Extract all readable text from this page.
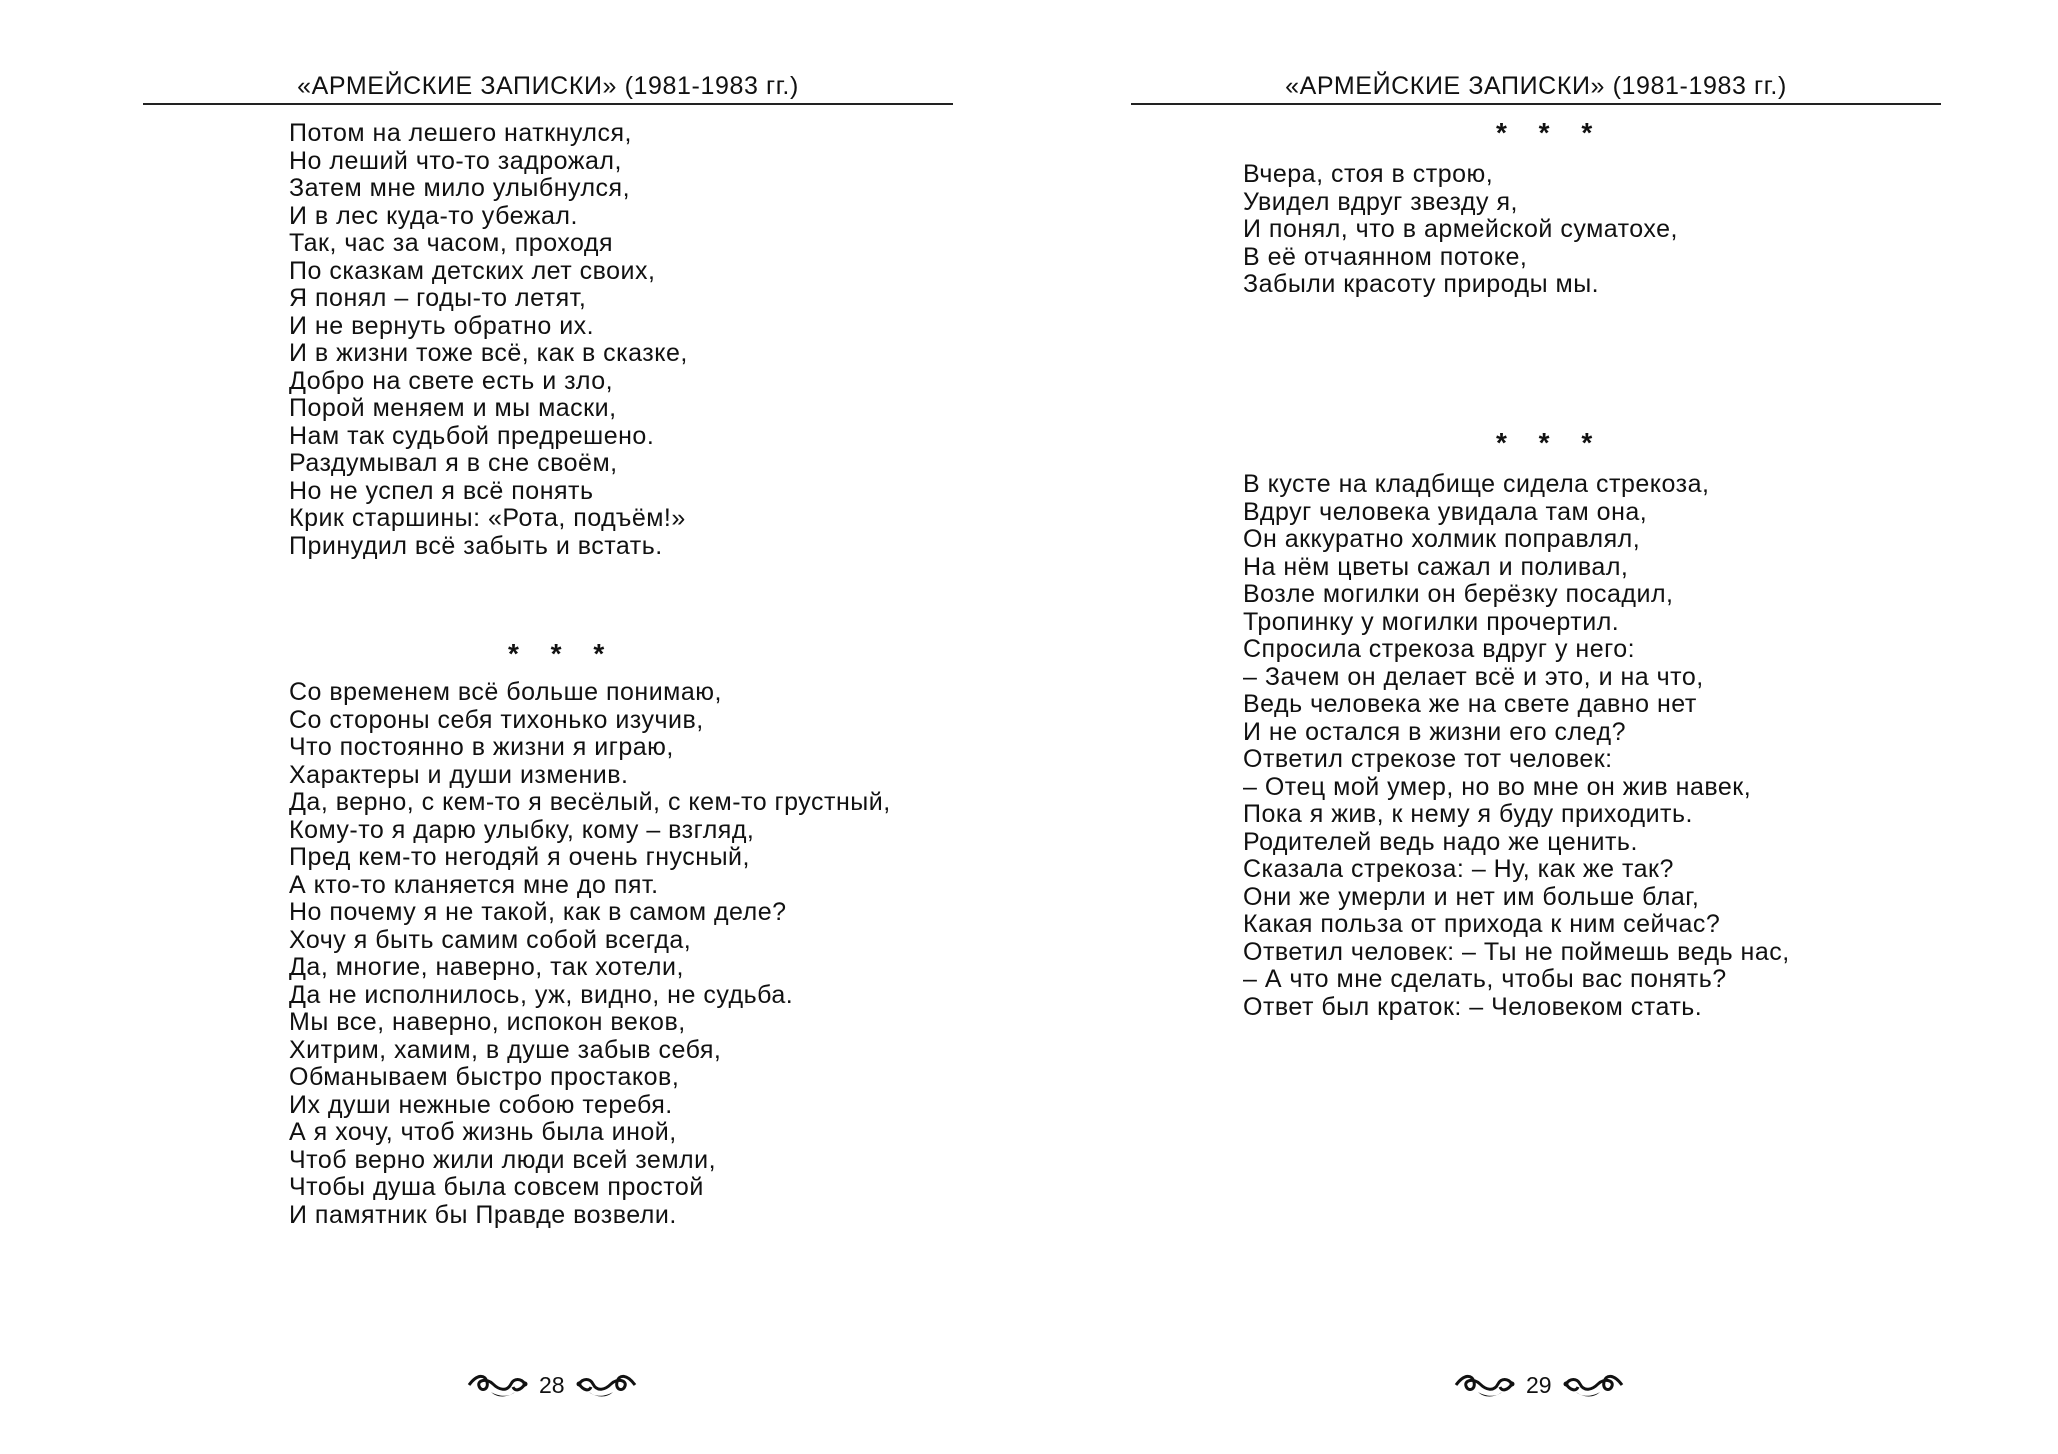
«АРМЕЙСКИЕ ЗАПИСКИ» (1981-1983 гг.)
Потом на лешего наткнулся,
Но леший что-то задрожал,
Затем мне мило улыбнулся,
И в лес куда-то убежал.
Так, час за часом, проходя
По сказкам детских лет своих,
Я понял – годы-то летят,
И не вернуть обратно их.
И в жизни тоже всё, как в сказке,
Добро на свете есть и зло,
Порой меняем и мы маски,
Нам так судьбой предрешено.
Раздумывал я в сне своём,
Но не успел я всё понять
Крик старшины: «Рота, подъём!»
Принудил всё забыть и встать.
* * *
Со временем всё больше понимаю,
Со стороны себя тихонько изучив,
Что постоянно в жизни я играю,
Характеры и души изменив.
Да, верно, с кем-то я весёлый, с кем-то грустный,
Кому-то я дарю улыбку, кому – взгляд,
Пред кем-то негодяй я очень гнусный,
А кто-то кланяется мне до пят.
Но почему я не такой, как в самом деле?
Хочу я быть самим собой всегда,
Да, многие, наверно, так хотели,
Да не исполнилось, уж, видно, не судьба.
Мы все, наверно, испокон веков,
Хитрим, хамим, в душе забыв себя,
Обманываем быстро простаков,
Их души нежные собою теребя.
А я хочу, чтоб жизнь была иной,
Чтоб верно жили люди всей земли,
Чтобы душа была совсем простой
И памятник бы Правде возвели.
28
«АРМЕЙСКИЕ ЗАПИСКИ» (1981-1983 гг.)
* * *
Вчера, стоя в строю,
Увидел вдруг звезду я,
И понял, что в армейской суматохе,
В её отчаянном потоке,
Забыли красоту природы мы.
* * *
В кусте на кладбище сидела стрекоза,
Вдруг человека увидала там она,
Он аккуратно холмик поправлял,
На нём цветы сажал и поливал,
Возле могилки он берёзку посадил,
Тропинку у могилки прочертил.
Спросила стрекоза вдруг у него:
– Зачем он делает всё и это, и на что,
Ведь человека же на свете давно нет
И не остался в жизни его след?
Ответил стрекозе тот человек:
– Отец мой умер, но во мне он жив навек,
Пока я жив, к нему я буду приходить.
Родителей ведь надо же ценить.
Сказала стрекоза: – Ну, как же так?
Они же умерли и нет им больше благ,
Какая польза от прихода к ним сейчас?
Ответил человек: – Ты не поймешь ведь нас,
– А что мне сделать, чтобы вас понять?
Ответ был краток: – Человеком стать.
29
